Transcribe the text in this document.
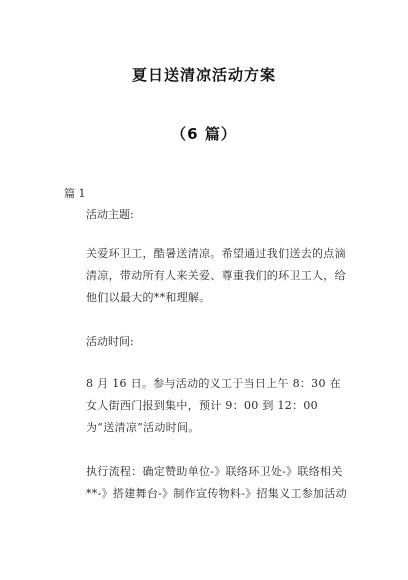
夏日送清凉活动方案
（6 篇）
篇 1
活动主题:
关爱环卫工，酷暑送清凉。希望通过我们送去的点滴清凉，带动所有人来关爱、尊重我们的环卫工人，给他们以最大的**和理解。
活动时间:
8 月 16 日。参与活动的义工于当日上午 8：30 在女人街西门报到集中，预计 9：00 到 12：00 为“送清凉”活动时间。
执行流程：确定赞助单位-》联络环卫处-》联络相关**-》搭建舞台-》制作宣传物料-》招集义工参加活动
